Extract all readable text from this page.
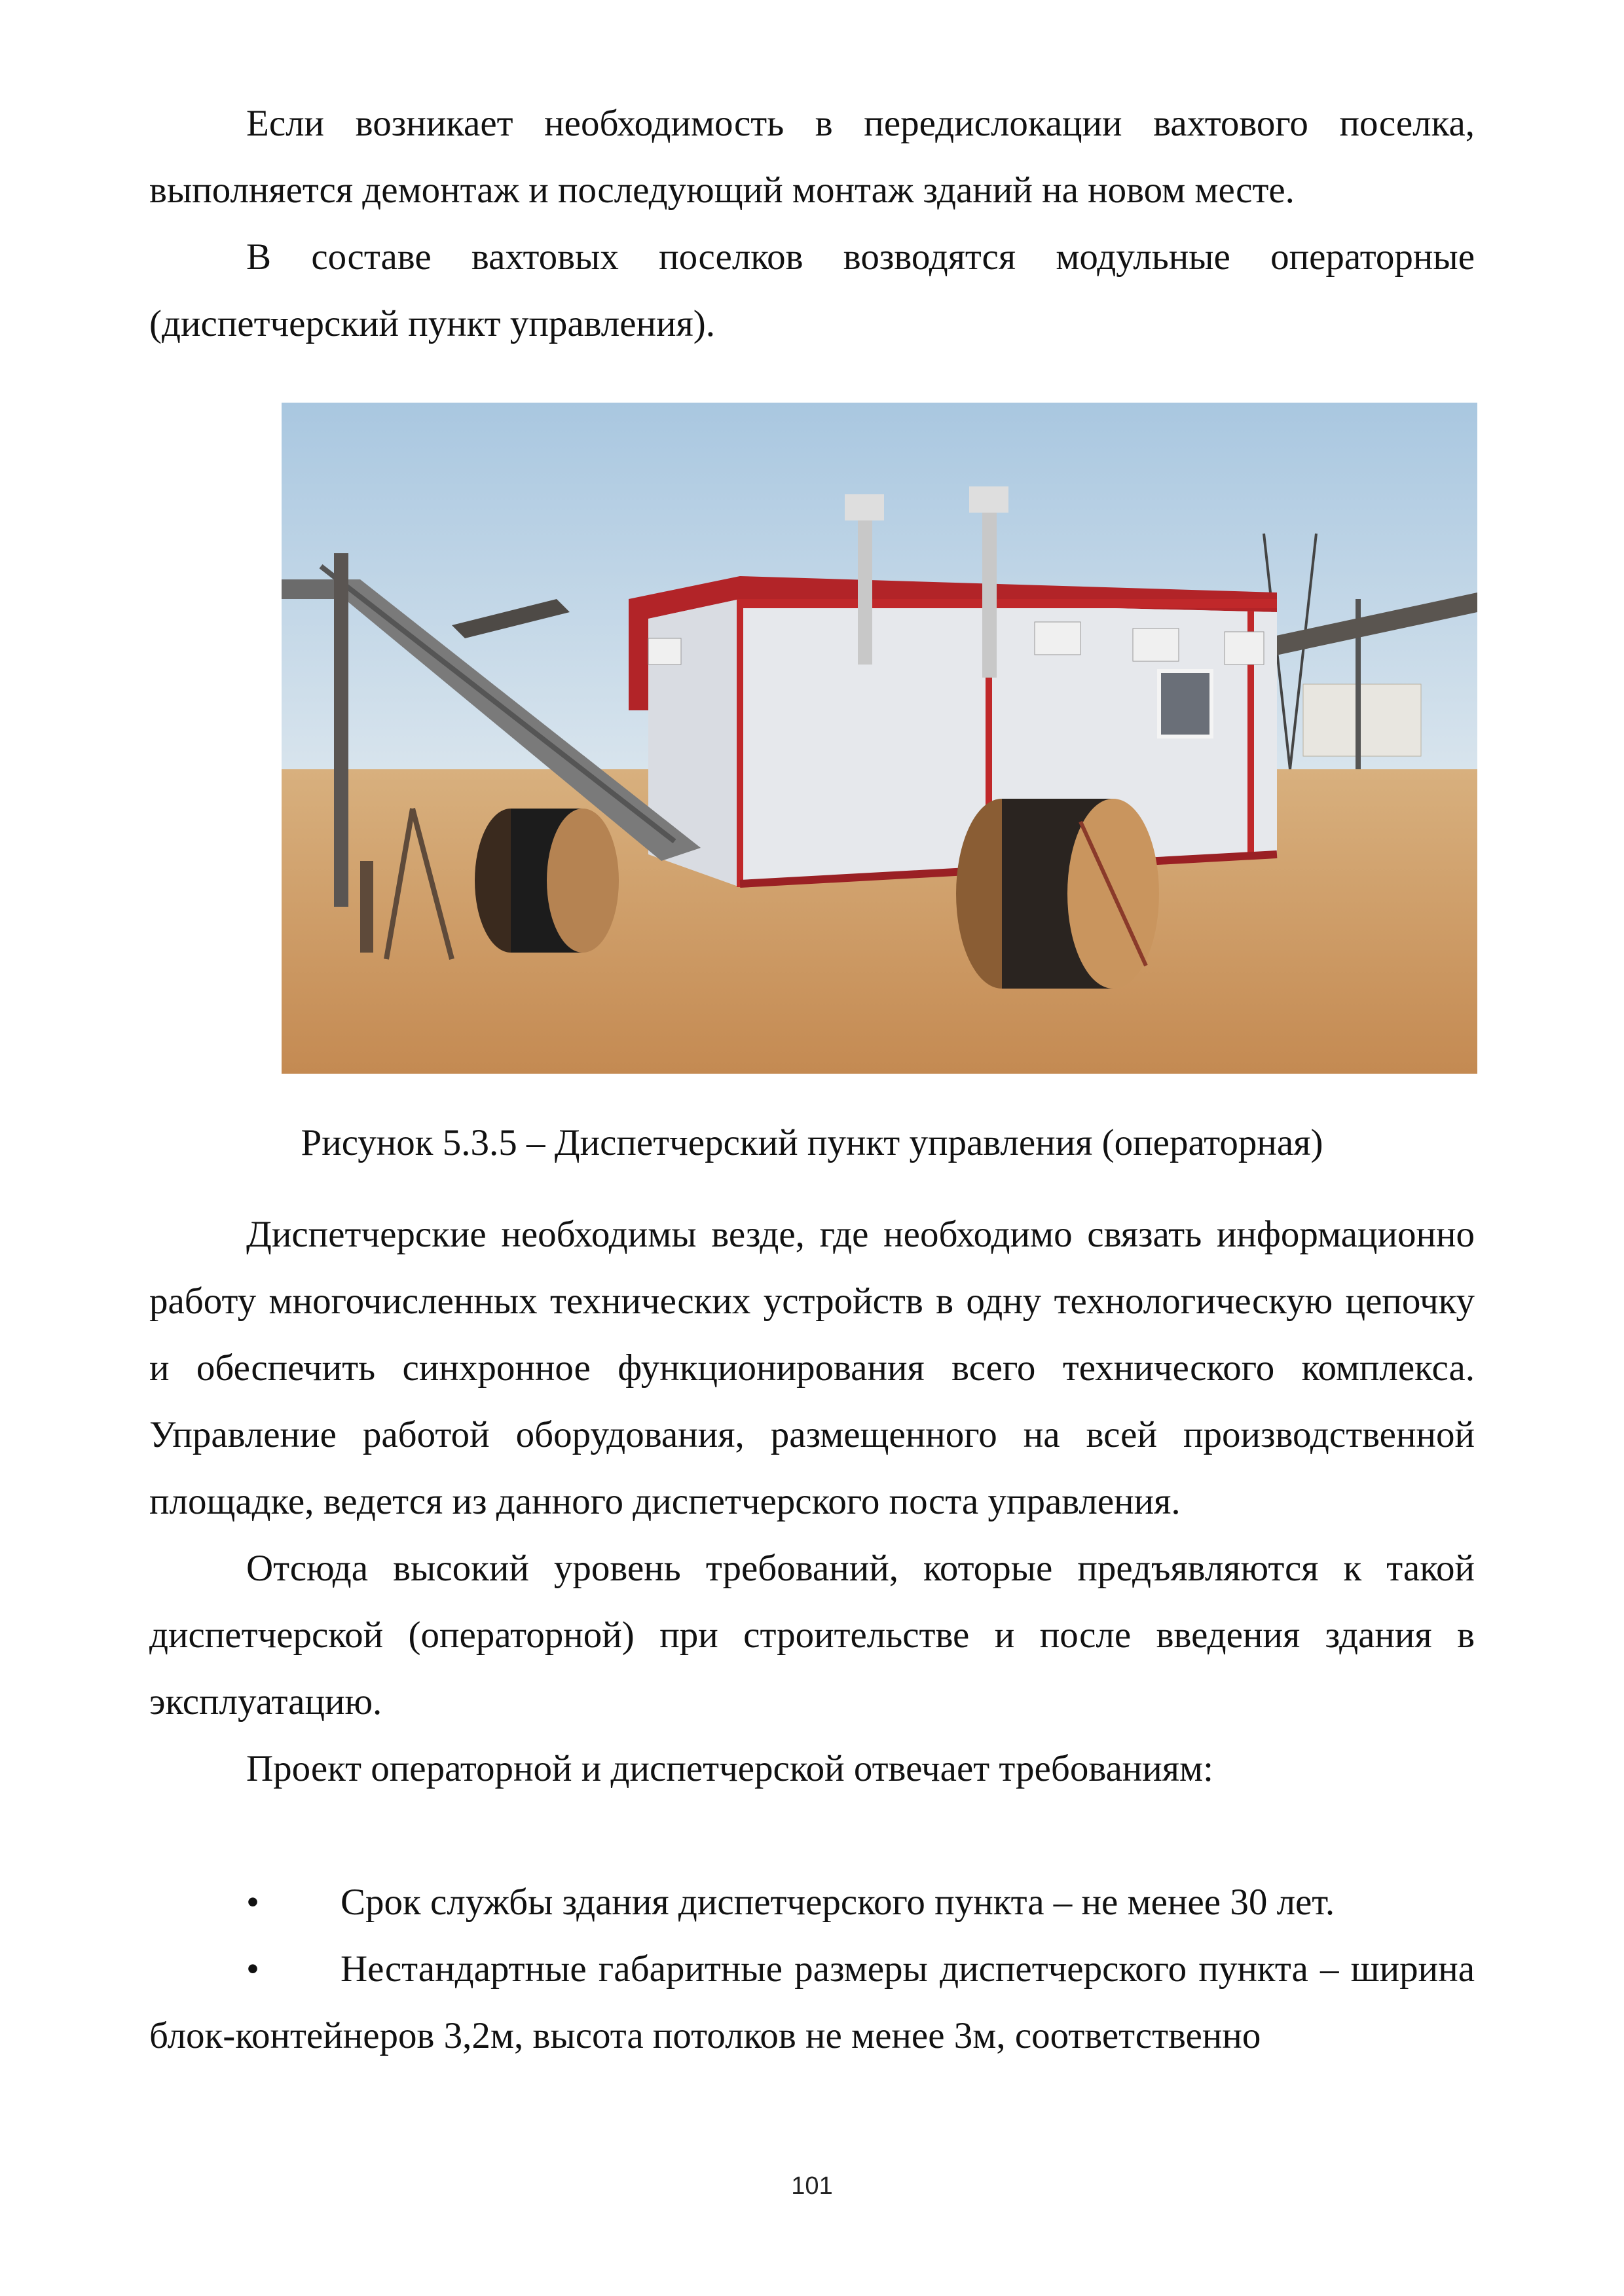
Если возникает необходимость в передислокации вахтового поселка, выполняется демонтаж и последующий монтаж зданий на новом месте.

В составе вахтовых поселков возводятся модульные операторные (диспетчерский пункт управления).

Рисунок 5.3.5 – Диспетчерский пункт управления (операторная)

Диспетчерские необходимы везде, где необходимо связать информационно работу многочисленных технических устройств в одну технологическую цепочку и обеспечить синхронное функционирования всего технического комплекса. Управление работой оборудования, размещенного на всей производственной площадке, ведется из данного диспетчерского поста управления.

Отсюда высокий уровень требований, которые предъявляются к такой диспетчерской (операторной) при строительстве и после введения здания в эксплуатацию.

Проект операторной и диспетчерской отвечает требованиям:

•	Срок службы здания диспетчерского пункта – не менее 30 лет.
•	Нестандартные габаритные размеры диспетчерского пункта – ширина блок-контейнеров 3,2м, высота потолков не менее 3м, соответственно
101
